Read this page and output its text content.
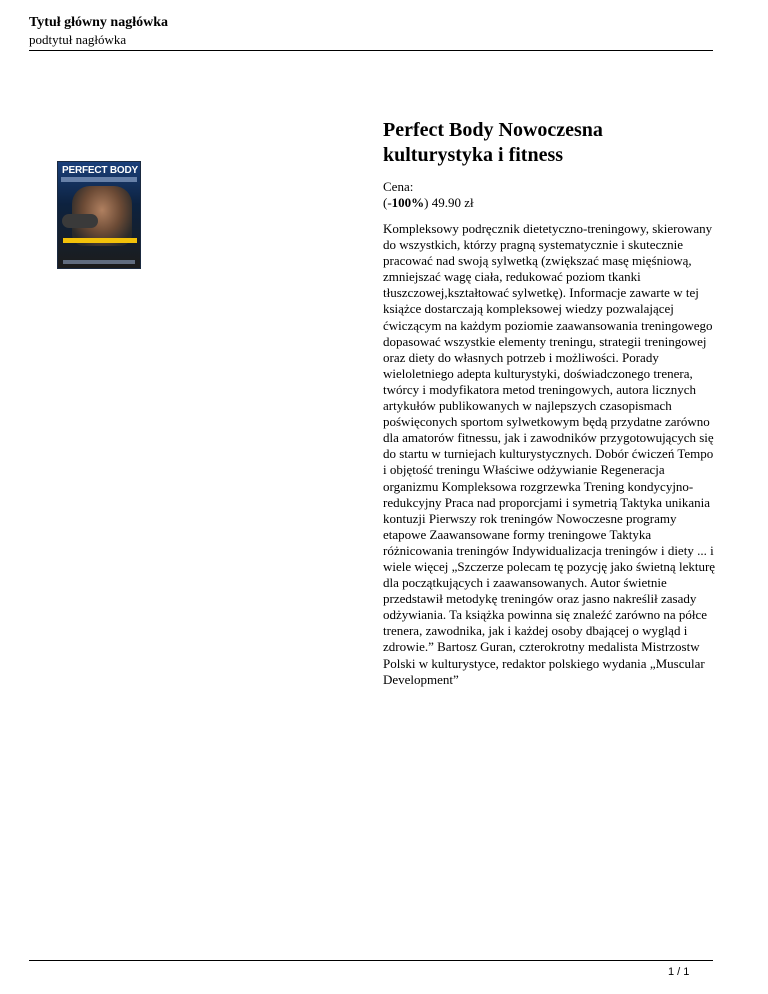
Tytuł główny nagłówka
podtytuł nagłówka
PERFECT BODY
Perfect Body Nowoczesna kulturystyka i fitness
Cena:
(-100%) 49.90 zł

Kompleksowy podręcznik dietetyczno-treningowy, skierowany do wszystkich, którzy pragną systematycznie i skutecznie pracować nad swoją sylwetką (zwiększać masę mięśniową, zmniejszać wagę ciała, redukować poziom tkanki tłuszczowej,kształtować sylwetkę). Informacje zawarte w tej książce dostarczają kompleksowej wiedzy pozwalającej ćwiczącym na każdym poziomie zaawansowania treningowego dopasować wszystkie elementy treningu, strategii treningowej oraz diety do własnych potrzeb i możliwości. Porady wieloletniego adepta kulturystyki, doświadczonego trenera, twórcy i modyfikatora metod treningowych, autora licznych artykułów publikowanych w najlepszych czasopismach poświęconych sportom sylwetkowym będą przydatne zarówno dla amatorów fitnessu, jak i zawodników przygotowujących się do startu w turniejach kulturystycznych. Dobór ćwiczeń Tempo i objętość treningu Właściwe odżywianie Regeneracja organizmu Kompleksowa rozgrzewka Trening kondycyjno-redukcyjny Praca nad proporcjami i symetrią Taktyka unikania kontuzji Pierwszy rok treningów Nowoczesne programy etapowe Zaawansowane formy treningowe Taktyka różnicowania treningów Indywidualizacja treningów i diety ... i wiele więcej „Szczerze polecam tę pozycję jako świetną lekturę dla początkujących i zaawansowanych. Autor świetnie przedstawił metodykę treningów oraz jasno nakreślił zasady odżywiania. Ta książka powinna się znaleźć zarówno na półce trenera, zawodnika, jak i każdej osoby dbającej o wygląd i zdrowie.” Bartosz Guran, czterokrotny medalista Mistrzostw Polski w kulturystyce, redaktor polskiego wydania „Muscular Development”

1 / 1
